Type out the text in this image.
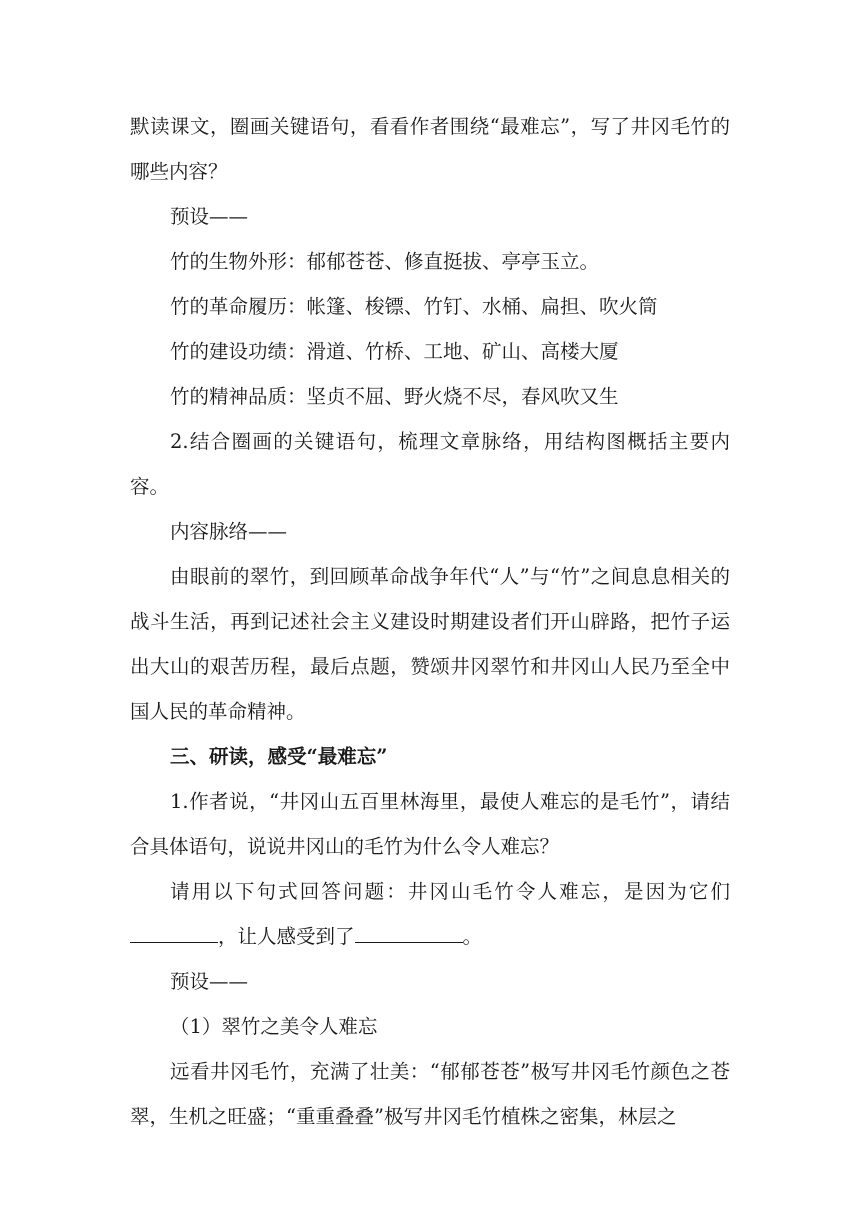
默读课文，圈画关键语句，看看作者围绕“最难忘”，写了井冈毛竹的哪些内容？

预设——

竹的生物外形：郁郁苍苍、修直挺拔、亭亭玉立。

竹的革命履历：帐篷、梭镖、竹钉、水桶、扁担、吹火筒

竹的建设功绩：滑道、竹桥、工地、矿山、高楼大厦

竹的精神品质：坚贞不屈、野火烧不尽，春风吹又生

2.结合圈画的关键语句，梳理文章脉络，用结构图概括主要内容。

内容脉络——

由眼前的翠竹，到回顾革命战争年代“人”与“竹”之间息息相关的战斗生活，再到记述社会主义建设时期建设者们开山辟路，把竹子运出大山的艰苦历程，最后点题，赞颂井冈翠竹和井冈山人民乃至全中国人民的革命精神。

三、研读，感受“最难忘”

1.作者说，“井冈山五百里林海里，最使人难忘的是毛竹”，请结合具体语句，说说井冈山的毛竹为什么令人难忘？

请用以下句式回答问题：井冈山毛竹令人难忘，是因为它们，让人感受到了	。

预设——

（1）翠竹之美令人难忘

远看井冈毛竹，充满了壮美：“郁郁苍苍”极写井冈毛竹颜色之苍翠，生机之旺盛；“重重叠叠”极写井冈毛竹植株之密集，林层之
